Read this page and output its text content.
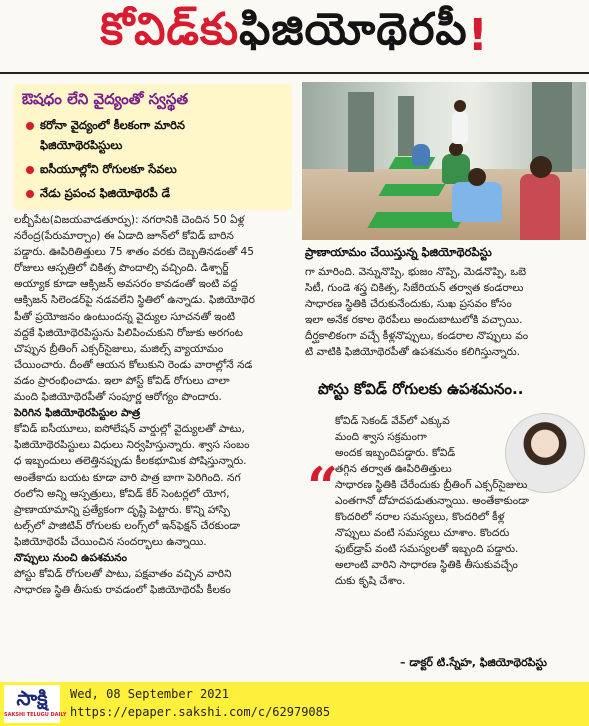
కోవిడ్‌కు ఫిజియోథెరపీ !
ఔషధం లేని వైద్యంతో స్వస్థత
కరోనా వైద్యంలో కీలకంగా మారిన
ఫిజియోథెరపిస్టులు
ఐసీయూల్లోని రోగులకూ సేవలు
నేడు ప్రపంచ ఫిజియోథెరపీ డే
ప్రాణాయామం చేయిస్తున్న ఫిజియోథెరపిస్టు
లబ్బీపేట(విజయవాడతూర్పు): నగరానికి చెందిన 50 ఏళ్ల
నరేంద్ర(పేరుమార్చాం) ఈ ఏడాది జూన్‌లో కోవిడ్ బారిన
పడ్డారు. ఊపిరితిత్తులు 75 శాతం వరకు దెబ్బతినడంతో 45
రోజులు ఆస్పత్రిలో చికిత్స పొందాల్సి వచ్చింది. డిశ్చార్జ్
అయ్యాక కూడా ఆక్సిజన్ అవసరం కావడంతో ఇంటి వద్ద
ఆక్సిజన్ సిలెండర్‌పై నడవలేని స్థితిలో ఉన్నాడు. ఫిజియోథెర
పీతో ప్రయోజనం ఉంటుందన్న వైద్యుల సూచనతో ఇంటి
వద్దకే ఫిజియోథెరపిస్టును పిలిపించుకుని రోజుకు అరగంట
చొప్పున బ్రీతింగ్ ఎక్సర్‌సైజులు, మజిల్స్ వ్యాయామం
చేయించారు. దీంతో ఆయన కోలుకుని రెండు వారాల్లోనే నడ
వడం ప్రారంభించాడు. ఇలా పోస్ట్ కోవిడ్ రోగులు చాలా
మంది ఫిజియోథెరపీతో సంపూర్ణ ఆరోగ్యం పొందారు.
పెరిగిన ఫిజియోథెరపిస్టుల పాత్ర
కోవిడ్ ఐసీయూలు, ఐసోలేషన్ వార్డుల్లో వైద్యులతో పాటు,
ఫిజియోథెరపిస్టులు విధులు నిర్వహిస్తున్నారు. శ్వాస సంబం
ధ ఇబ్బందులు తలెత్తినప్పుడు కీలకభూమిక పోషిస్తున్నారు.
అంతేకాదు బయట కూడా వారి పాత్ర బాగా పెరిగింది. నగ
రంలోని అన్ని ఆస్పత్రులు, కోవిడ్ కేర్ సెంటర్లలో యోగ,
ప్రాణాయామాన్ని ప్రత్యేకంగా దృష్టి పెట్టారు. కొన్ని హాస్పి
టల్స్‌లో పాజిటివ్ రోగులకు లంగ్స్‌లో ఇన్‌ఫెక్షన్ చేరకుండా
ఫిజియోథెరపీ చేయించిన సందర్భాలు ఉన్నాయి.
నొప్పులు నుంచి ఉపశమనం
పోస్టు కోవిడ్ రోగులతో పాటు, పక్షవాతం వచ్చిన వారిని
సాధారణ స్థితి తీసుకు రావడంలో ఫిజియోథెరపీ కీలకం
గా మారింది. వెన్నునొప్పి, భుజం నొప్పి, మెడనొప్పి, ఒబె
సిటీ, గుండె శస్త్ర చికిత్స, సిజేరియన్ తర్వాత కండరాలు
సాధారణ స్థితికి చేరుకునేందుకు, సుఖ ప్రసవం కోసం
ఇలా అనేక రకాల థెరపీలు అందుబాటులోకి వచ్చాయి.
దీర్ఘకాలికంగా వచ్చే కీళ్లనొప్పులు, కండరాల నొప్పులు వం
టి వాటికి ఫిజియోథెరపీతో ఉపశమనం కలిగిస్తున్నారు.
పోస్టు కోవిడ్ రోగులకు ఉపశమనం..
“
కోవిడ్ సెకండ్ వేవ్‌లో ఎక్కువ
మంది శ్వాస సక్రమంగా
అందక ఇబ్బందిపడ్డారు. కోవిడ్
తగ్గిన తర్వాత ఊపిరితిత్తులు
సాధారణ స్థితికి చేరేందుకు బ్రీతింగ్ ఎక్సర్‌సైజులు
ఎంతగానో దోహదపడుతున్నాయి. అంతేకాకుండా
కొందరిలో నరాల సమస్యలు, కొందరిలో కీళ్ల
నొప్పులు వంటి సమస్యలు చూశాం. కొందరు
ఫుట్‌డ్రాప్ వంటి సమస్యలతో ఇబ్బంది పడ్డారు.
అలాంటి వారిని సాధారణ స్థితికి తీసుకువచ్చేం
దుకు కృషి చేశాం.
– డాక్టర్ టి.స్నేహ, ఫిజియోథెరపిస్టు
సాక్షి
SAKSHI TELUGU DAILY
Wed, 08 September 2021
https://epaper.sakshi.com/c/62979085
